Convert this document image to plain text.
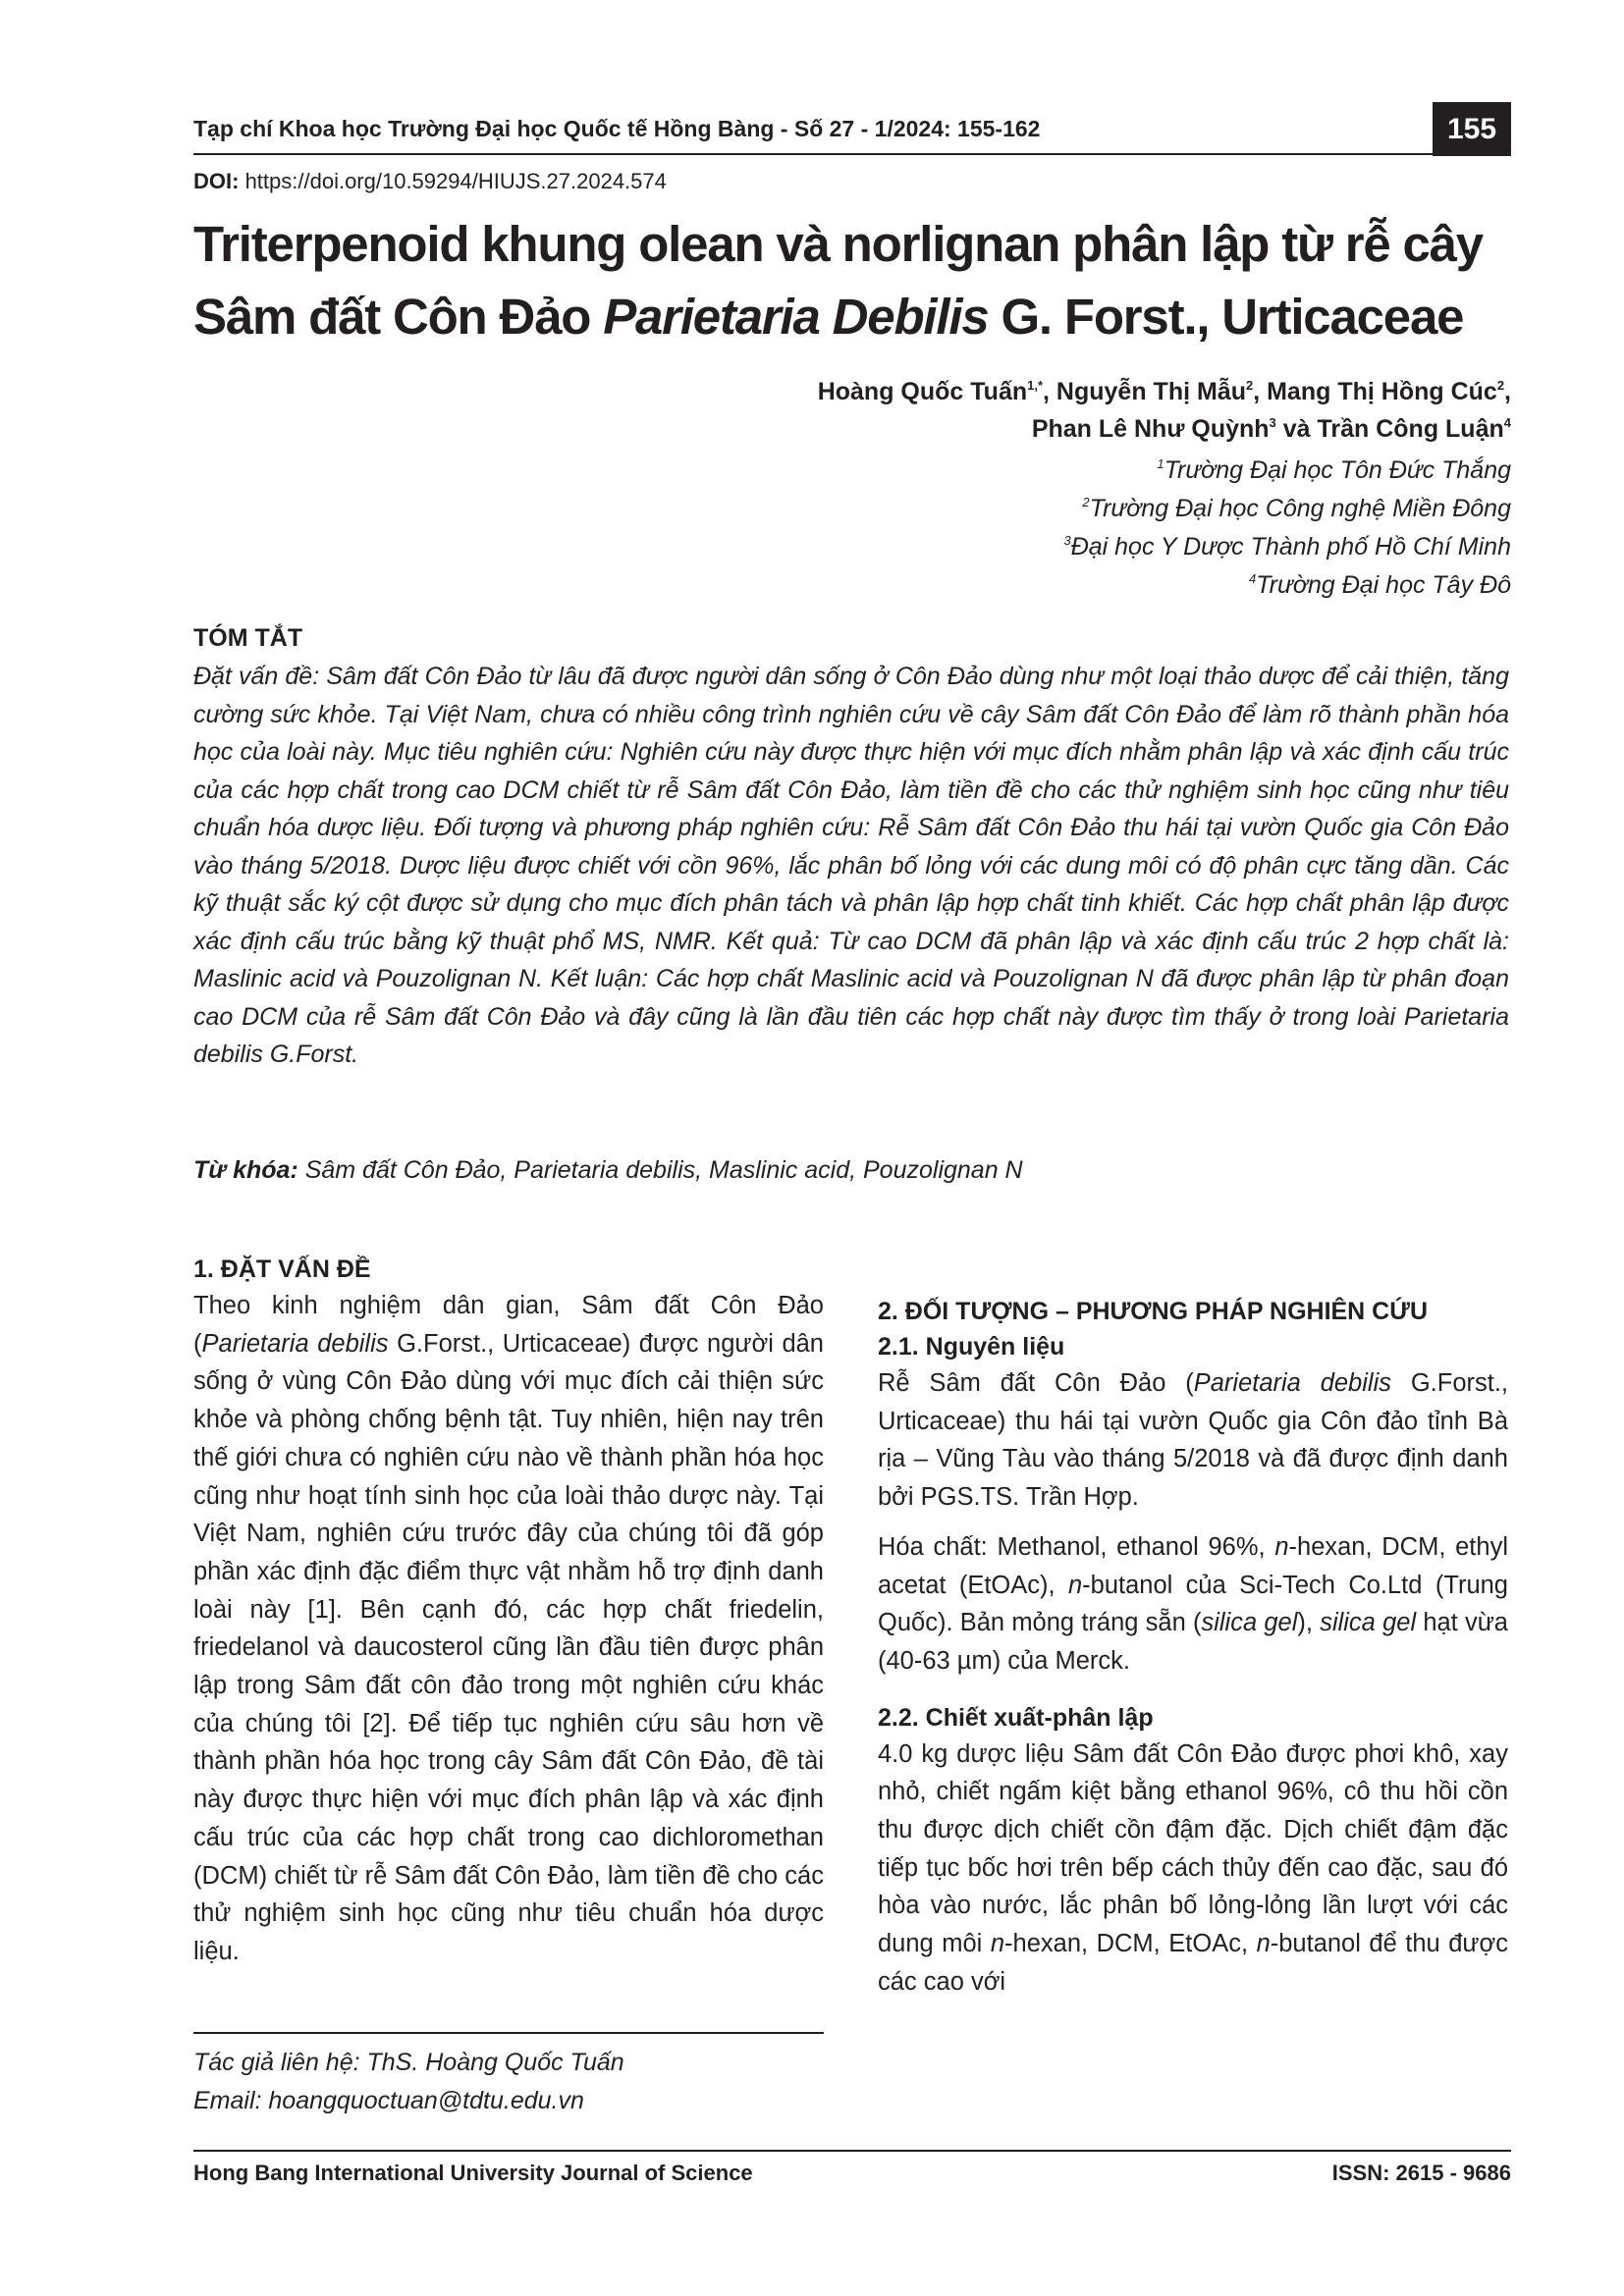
Tạp chí Khoa học Trường Đại học Quốc tế Hồng Bàng - Số 27 - 1/2024: 155-162	155
DOI: https://doi.org/10.59294/HIUJS.27.2024.574
Triterpenoid khung olean và norlignan phân lập từ rễ cây
Sâm đất Côn Đảo Parietaria Debilis G. Forst., Urticaceae
Hoàng Quốc Tuấn$^{1,*}$, Nguyễn Thị Mẫu$^2$, Mang Thị Hồng Cúc$^2$,
Phan Lê Như Quỳnh$^3$ và Trần Công Luận$^4$
$^1$Trường Đại học Tôn Đức Thắng
$^2$Trường Đại học Công nghệ Miền Đông
$^3$Đại học Y Dược Thành phố Hồ Chí Minh
$^4$Trường Đại học Tây Đô
TÓM TẮT
Đặt vấn đề: Sâm đất Côn Đảo từ lâu đã được người dân sống ở Côn Đảo dùng như một loại thảo dược để cải thiện, tăng cường sức khỏe. Tại Việt Nam, chưa có nhiều công trình nghiên cứu về cây Sâm đất Côn Đảo để làm rõ thành phần hóa học của loài này. Mục tiêu nghiên cứu: Nghiên cứu này được thực hiện với mục đích nhằm phân lập và xác định cấu trúc của các hợp chất trong cao DCM chiết từ rễ Sâm đất Côn Đảo, làm tiền đề cho các thử nghiệm sinh học cũng như tiêu chuẩn hóa dược liệu. Đối tượng và phương pháp nghiên cứu: Rễ Sâm đất Côn Đảo thu hái tại vườn Quốc gia Côn Đảo vào tháng 5/2018. Dược liệu được chiết với cồn 96%, lắc phân bố lỏng với các dung môi có độ phân cực tăng dần. Các kỹ thuật sắc ký cột được sử dụng cho mục đích phân tách và phân lập hợp chất tinh khiết. Các hợp chất phân lập được xác định cấu trúc bằng kỹ thuật phổ MS, NMR. Kết quả: Từ cao DCM đã phân lập và xác định cấu trúc 2 hợp chất là: Maslinic acid và Pouzolignan N. Kết luận: Các hợp chất Maslinic acid và Pouzolignan N đã được phân lập từ phân đoạn cao DCM của rễ Sâm đất Côn Đảo và đây cũng là lần đầu tiên các hợp chất này được tìm thấy ở trong loài Parietaria debilis G.Forst.
Từ khóa: Sâm đất Côn Đảo, Parietaria debilis, Maslinic acid, Pouzolignan N
1. ĐẶT VẤN ĐỀ

Theo kinh nghiệm dân gian, Sâm đất Côn Đảo (Parietaria debilis G.Forst., Urticaceae) được người dân sống ở vùng Côn Đảo dùng với mục đích cải thiện sức khỏe và phòng chống bệnh tật. Tuy nhiên, hiện nay trên thế giới chưa có nghiên cứu nào về thành phần hóa học cũng như hoạt tính sinh học của loài thảo dược này. Tại Việt Nam, nghiên cứu trước đây của chúng tôi đã góp phần xác định đặc điểm thực vật nhằm hỗ trợ định danh loài này [1]. Bên cạnh đó, các hợp chất friedelin, friedelanol và daucosterol cũng lần đầu tiên được phân lập trong Sâm đất côn đảo trong một nghiên cứu khác của chúng tôi [2]. Để tiếp tục nghiên cứu sâu hơn về thành phần hóa học trong cây Sâm đất Côn Đảo, đề tài này được thực hiện với mục đích phân lập và xác định cấu trúc của các hợp chất trong cao dichloromethan (DCM) chiết từ rễ Sâm đất Côn Đảo, làm tiền đề cho các thử nghiệm sinh học cũng như tiêu chuẩn hóa dược liệu.

Tác giả liên hệ: ThS. Hoàng Quốc Tuấn
Email: hoangquoctuan@tdtu.edu.vn
2. ĐỐI TƯỢNG – PHƯƠNG PHÁP NGHIÊN CỨU
2.1. Nguyên liệu

Rễ Sâm đất Côn Đảo (Parietaria debilis G.Forst., Urticaceae) thu hái tại vườn Quốc gia Côn đảo tỉnh Bà rịa – Vũng Tàu vào tháng 5/2018 và đã được định danh bởi PGS.TS. Trần Hợp.

Hóa chất: Methanol, ethanol 96%, n-hexan, DCM, ethyl acetat (EtOAc), n-butanol của Sci-Tech Co.Ltd (Trung Quốc). Bản mỏng tráng sẵn (silica gel), silica gel hạt vừa (40-63 µm) của Merck.

2.2. Chiết xuất-phân lập

4.0 kg dược liệu Sâm đất Côn Đảo được phơi khô, xay nhỏ, chiết ngấm kiệt bằng ethanol 96%, cô thu hồi cồn thu được dịch chiết cồn đậm đặc. Dịch chiết đậm đặc tiếp tục bốc hơi trên bếp cách thủy đến cao đặc, sau đó hòa vào nước, lắc phân bố lỏng-lỏng lần lượt với các dung môi n-hexan, DCM, EtOAc, n-butanol để thu được các cao với

Hong Bang International University Journal of Science	ISSN: 2615 - 9686
